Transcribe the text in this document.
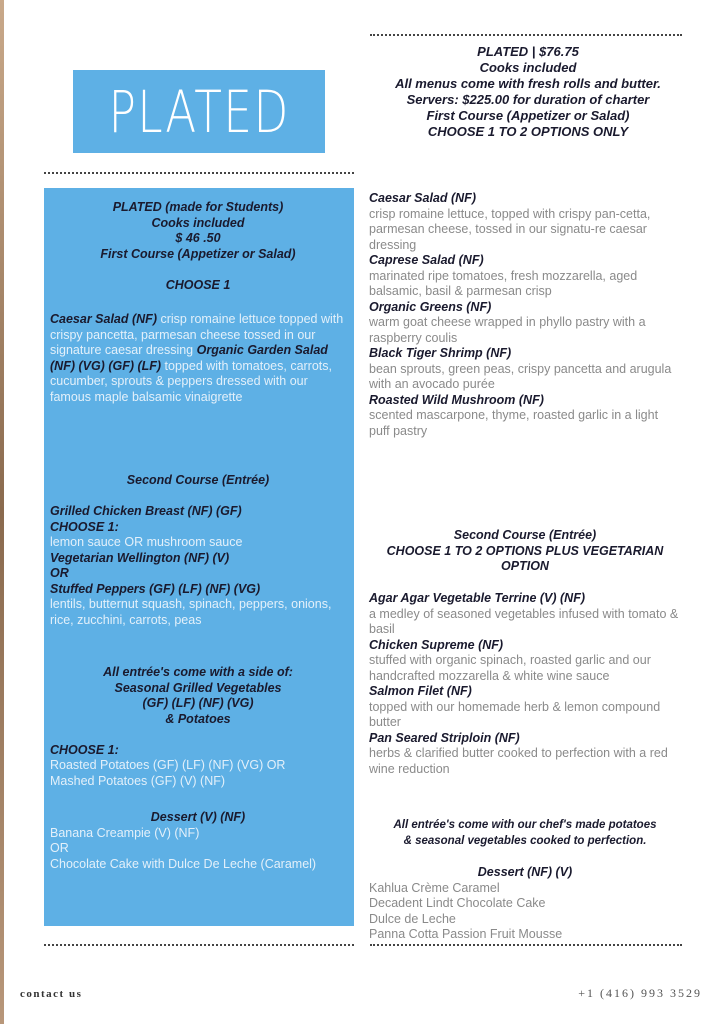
PLATED
PLATED | $76.75
Cooks included
All menus come with fresh rolls and butter.
Servers: $225.00 for duration of charter
First Course (Appetizer or Salad)
CHOOSE 1 TO 2 OPTIONS ONLY
PLATED (made for Students)
Cooks included
$ 46 .50
First Course (Appetizer or Salad)
CHOOSE 1
Caesar Salad (NF) crisp romaine lettuce topped with crispy pancetta, parmesan cheese tossed in our signature caesar dressing Organic Garden Salad (NF) (VG) (GF) (LF) topped with tomatoes, carrots, cucumber, sprouts & peppers dressed with our famous maple balsamic vinaigrette
Second Course (Entrée)
Grilled Chicken Breast (NF) (GF)
CHOOSE 1:
lemon sauce OR mushroom sauce
Vegetarian Wellington (NF) (V)
OR
Stuffed Peppers (GF) (LF) (NF) (VG)
lentils, butternut squash, spinach, peppers, onions, rice, zucchini, carrots, peas
All entrée's come with a side of:
Seasonal Grilled Vegetables
(GF) (LF) (NF) (VG)
& Potatoes
CHOOSE 1:
Roasted Potatoes (GF) (LF) (NF) (VG) OR
Mashed Potatoes (GF) (V) (NF)
Dessert (V) (NF)
Banana Creampie (V) (NF)
OR
Chocolate Cake with Dulce De Leche (Caramel)
Caesar Salad (NF)
crisp romaine lettuce, topped with crispy pan-cetta, parmesan cheese, tossed in our signatu-re caesar dressing
Caprese Salad (NF)
marinated ripe tomatoes, fresh mozzarella, aged balsamic, basil & parmesan crisp
Organic Greens (NF)
warm goat cheese wrapped in phyllo pastry with a raspberry coulis
Black Tiger Shrimp (NF)
bean sprouts, green peas, crispy pancetta and arugula with an avocado purée
Roasted Wild Mushroom (NF)
scented mascarpone, thyme, roasted garlic in a light puff pastry
Second Course (Entrée)
CHOOSE 1 TO 2 OPTIONS PLUS VEGETARIAN OPTION
Agar Agar Vegetable Terrine (V) (NF)
a medley of seasoned vegetables infused with tomato & basil
Chicken Supreme (NF)
stuffed with organic spinach, roasted garlic and our handcrafted mozzarella & white wine sauce
Salmon Filet (NF)
topped with our homemade herb & lemon compound butter
Pan Seared Striploin (NF)
herbs & clarified butter cooked to perfection with a red wine reduction
All entrée's come with our chef's made potatoes
& seasonal vegetables cooked to perfection.
Dessert (NF) (V)
Kahlua Crème Caramel
Decadent Lindt Chocolate Cake
Dulce de Leche
Panna Cotta Passion Fruit Mousse
contact us	+1 (416) 993 3529
